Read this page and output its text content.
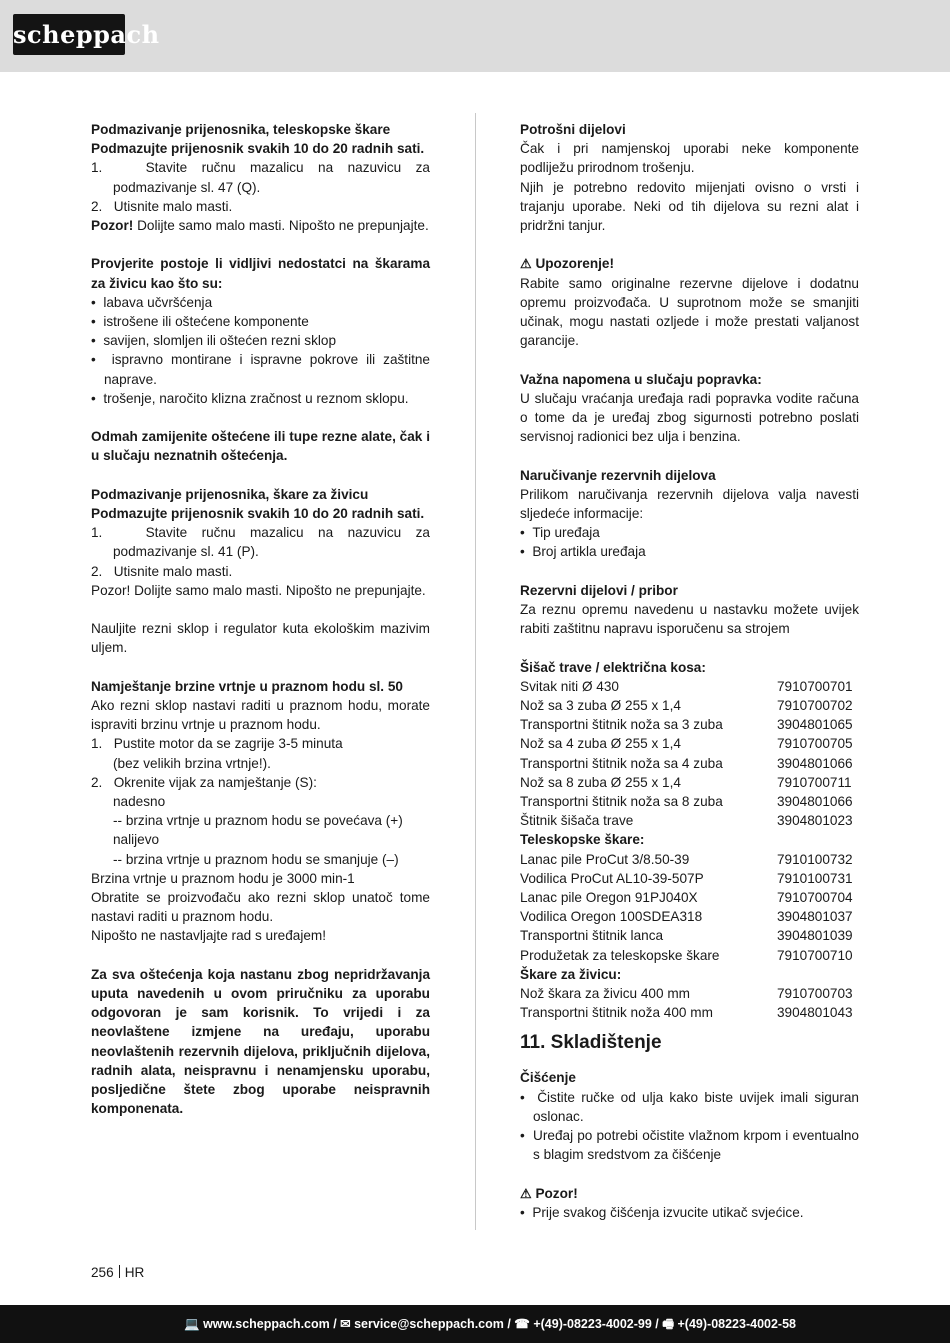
scheppach

Podmazivanje prijenosnika, teleskopske škare

Podmazujte prijenosnik svakih 10 do 20 radnih sati.

1.	Stavite ručnu mazalicu na nazuvicu za podmazivanje sl. 47 (Q).

2. Utisnite malo masti.

Pozor! Dolijte samo malo masti. Nipošto ne prepunjajte.

Provjerite postoje li vidljivi nedostatci na škarama za živicu kao što su:

•  labava učvršćenja

•  istrošene ili oštećene komponente

•  savijen, slomljen ili oštećen rezni sklop

•  ispravno montirane i ispravne pokrove ili zaštitne naprave.

•  trošenje, naročito klizna zračnost u reznom sklopu.

Odmah zamijenite oštećene ili tupe rezne alate, čak i u slučaju neznatnih oštećenja.

Podmazivanje prijenosnika, škare za živicu

Podmazujte prijenosnik svakih 10 do 20 radnih sati.

1.	Stavite ručnu mazalicu na nazuvicu za podmazivanje sl. 41 (P).

2. Utisnite malo masti.

Pozor! Dolijte samo malo masti. Nipošto ne prepunjajte.

Nauljite rezni sklop i regulator kuta ekološkim mazivim uljem.

Namještanje brzine vrtnje u praznom hodu sl. 50

Ako rezni sklop nastavi raditi u praznom hodu, morate ispraviti brzinu vrtnje u praznom hodu.

1. Pustite motor da se zagrije 3-5 minuta

(bez velikih brzina vrtnje!).

2. Okrenite vijak za namještanje (S):

nadesno

-- brzina vrtnje u praznom hodu se povećava (+)

nalijevo

-- brzina vrtnje u praznom hodu se smanjuje (–)

Brzina vrtnje u praznom hodu je 3000 min-1

Obratite se proizvođaču ako rezni sklop unatoč tome nastavi raditi u praznom hodu.

Nipošto ne nastavljajte rad s uređajem!

Za sva oštećenja koja nastanu zbog nepridržavanja uputa navedenih u ovom priručniku za uporabu odgovoran je sam korisnik. To vrijedi i za neovlaštene izmjene na uređaju, uporabu neovlaštenih rezervnih dijelova, priključnih dijelova, radnih alata, neispravnu i nenamjensku uporabu, posljedične štete zbog uporabe neispravnih komponenata.

Potrošni dijelovi

Čak i pri namjenskoj uporabi neke komponente podliježu prirodnom trošenju.

Njih je potrebno redovito mijenjati ovisno o vrsti i trajanju uporabe. Neki od tih dijelova su rezni alat i pridržni tanjur.

⚠ Upozorenje!

Rabite samo originalne rezervne dijelove i dodatnu opremu proizvođača. U suprotnom može se smanjiti učinak, mogu nastati ozljede i može prestati valjanost garancije.

Važna napomena u slučaju popravka:

U slučaju vraćanja uređaja radi popravka vodite računa o tome da je uređaj zbog sigurnosti potrebno poslati servisnoj radionici bez ulja i benzina.

Naručivanje rezervnih dijelova

Prilikom naručivanja rezervnih dijelova valja navesti sljedeće informacije:

•  Tip uređaja

•  Broj artikla uređaja

Rezervni dijelovi / pribor

Za reznu opremu navedenu u nastavku možete uvijek rabiti zaštitnu napravu isporučenu sa strojem

Šišač trave / električna kosa:

Svitak niti Ø 430	7910700701
Nož sa 3 zuba Ø 255 x 1,4	7910700702
Transportni štitnik noža sa 3 zuba	3904801065
Nož sa 4 zuba Ø 255 x 1,4	7910700705
Transportni štitnik noža sa 4 zuba	3904801066
Nož sa 8 zuba Ø 255 x 1,4	7910700711
Transportni štitnik noža sa 8 zuba	3904801066
Štitnik šišača trave	3904801023

Teleskopske škare:

Lanac pile ProCut 3/8.50-39	7910100732
Vodilica ProCut AL10-39-507P	7910100731
Lanac pile Oregon 91PJ040X	7910700704
Vodilica Oregon 100SDEA318	3904801037
Transportni štitnik lanca	3904801039
Produžetak za teleskopske škare	7910700710

Škare za živicu:

Nož škara za živicu 400 mm	7910700703
Transportni štitnik noža 400 mm	3904801043

11. Skladištenje

Čišćenje

•  Čistite ručke od ulja kako biste uvijek imali siguran oslonac.

•  Uređaj po potrebi očistite vlažnom krpom i eventualno s blagim sredstvom za čišćenje

⚠ Pozor!

•  Prije svakog čišćenja izvucite utikač svjećice.

256 HR
💻 www.scheppach.com / ✉ service@scheppach.com / ☎ +(49)-08223-4002-99 / 🖷 +(49)-08223-4002-58
